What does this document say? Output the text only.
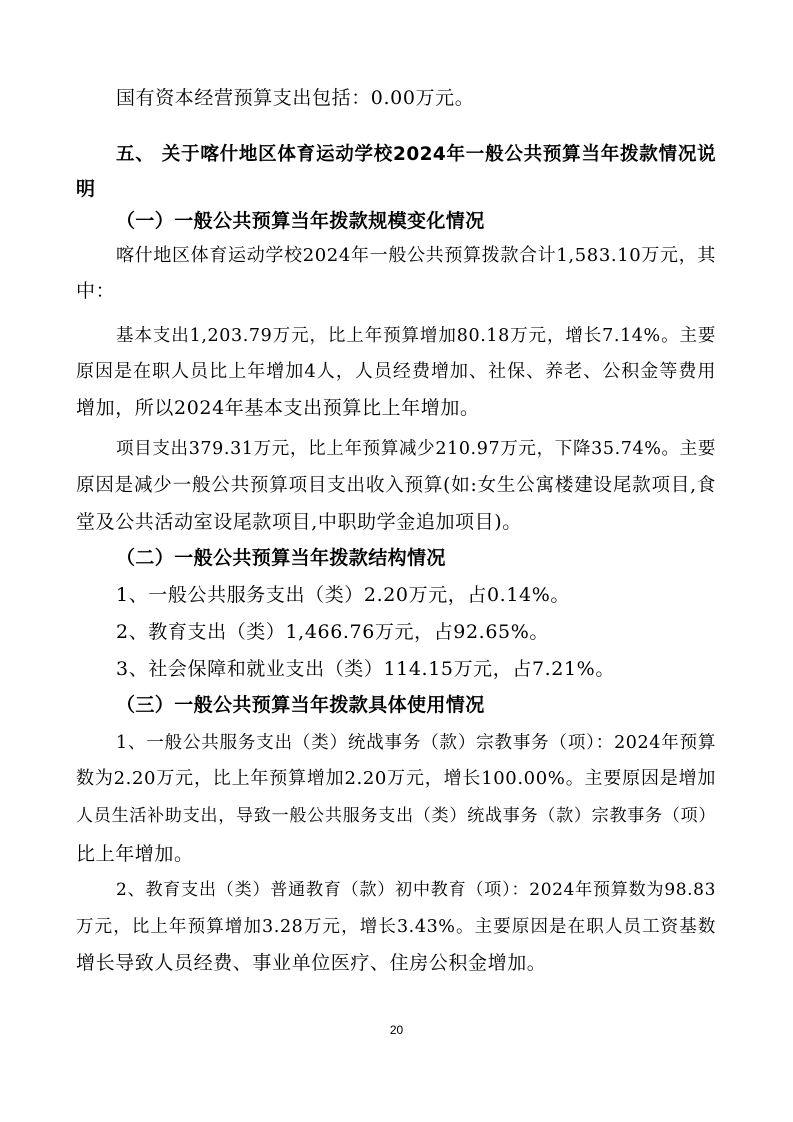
国有资本经营预算支出包括：0.00万元。
五、 关于喀什地区体育运动学校2024年一般公共预算当年拨款情况说
明
（一）一般公共预算当年拨款规模变化情况
喀什地区体育运动学校2024年一般公共预算拨款合计1,583.10万元，其
中：
基本支出1,203.79万元，比上年预算增加80.18万元，增长7.14%。主要
原因是在职人员比上年增加4人，人员经费增加、社保、养老、公积金等费用
增加，所以2024年基本支出预算比上年增加。
项目支出379.31万元，比上年预算减少210.97万元，下降35.74%。主要
原因是减少一般公共预算项目支出收入预算(如:女生公寓楼建设尾款项目,食
堂及公共活动室设尾款项目,中职助学金追加项目)。
（二）一般公共预算当年拨款结构情况
1、一般公共服务支出（类）2.20万元，占0.14%。
2、教育支出（类）1,466.76万元，占92.65%。
3、社会保障和就业支出（类）114.15万元，占7.21%。
（三）一般公共预算当年拨款具体使用情况
1、一般公共服务支出（类）统战事务（款）宗教事务（项）：2024年预算
数为2.20万元，比上年预算增加2.20万元，增长100.00%。主要原因是增加
人员生活补助支出，导致一般公共服务支出（类）统战事务（款）宗教事务（项）
比上年增加。
2、教育支出（类）普通教育（款）初中教育（项）：2024年预算数为98.83
万元，比上年预算增加3.28万元，增长3.43%。主要原因是在职人员工资基数
增长导致人员经费、事业单位医疗、住房公积金增加。
20
